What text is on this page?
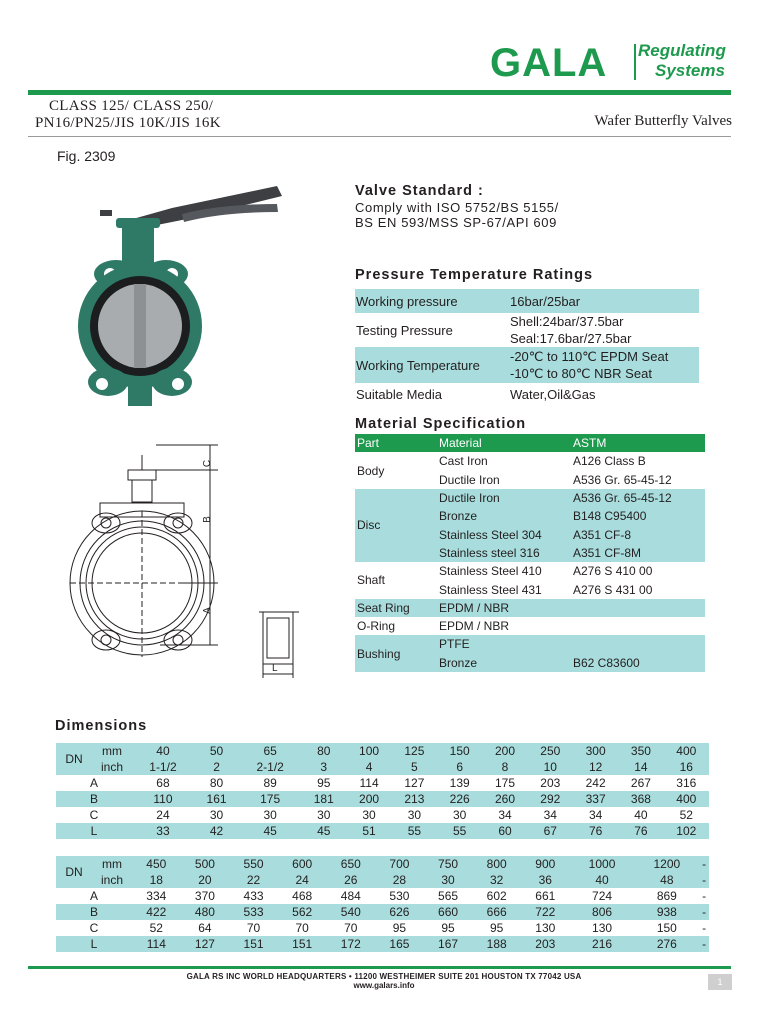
GALA Regulating
Systems
CLASS 125/ CLASS 250/
PN16/PN25/JIS 10K/JIS 16K	Wafer Butterfly Valves
Fig. 2309
Valve Standard :
Comply with ISO 5752/BS 5155/
BS EN 593/MSS SP-67/API 609
Pressure Temperature Ratings
Working pressure	16bar/25bar
Testing Pressure	Shell:24bar/37.5bar
Seal:17.6bar/27.5bar

Working Temperature	-20℃ to 110℃ EPDM Seat
-10℃ to 80℃ NBR Seat

Suitable Media	Water,Oil&Gas
Material Specification
Part	Material	ASTM
Body	Cast Iron	A126 Class B
	Ductile Iron	A536 Gr. 65-45-12
Disc	Ductile Iron	A536 Gr. 65-45-12
	Bronze	B148 C95400
	Stainless Steel 304	A351 CF-8
	Stainless steel 316	A351 CF-8M
Shaft	Stainless Steel 410	A276 S 410 00
	Stainless Steel 431	A276 S 431 00
Seat Ring	EPDM / NBR	
O-Ring	EPDM / NBR	
Bushing	PTFE	
	Bronze	B62 C83600
C
B
A
L
Dimensions
DN	mm	40	50	65	80	100	125	150	200	250	300	350	400
	inch	1-1/2	2	2-1/2	3	4	5	6	8	10	12	14	16
A		68	80	89	95	114	127	139	175	203	242	267	316
B		110	161	175	181	200	213	226	260	292	337	368	400
C		24	30	30	30	30	30	30	34	34	34	40	52
L		33	42	45	45	51	55	55	60	67	76	76	102
DN	mm	450	500	550	600	650	700	750	800	900	1000	1200	-
	inch	18	20	22	24	26	28	30	32	36	40	48	-
A		334	370	433	468	484	530	565	602	661	724	869	-
B		422	480	533	562	540	626	660	666	722	806	938	-
C		52	64	70	70	70	95	95	95	130	130	150	-
L		114	127	151	151	172	165	167	188	203	216	276	-
GALA RS INC WORLD HEADQUARTERS • 11200 WESTHEIMER SUITE 201 HOUSTON TX 77042 USA
www.galars.info	1
